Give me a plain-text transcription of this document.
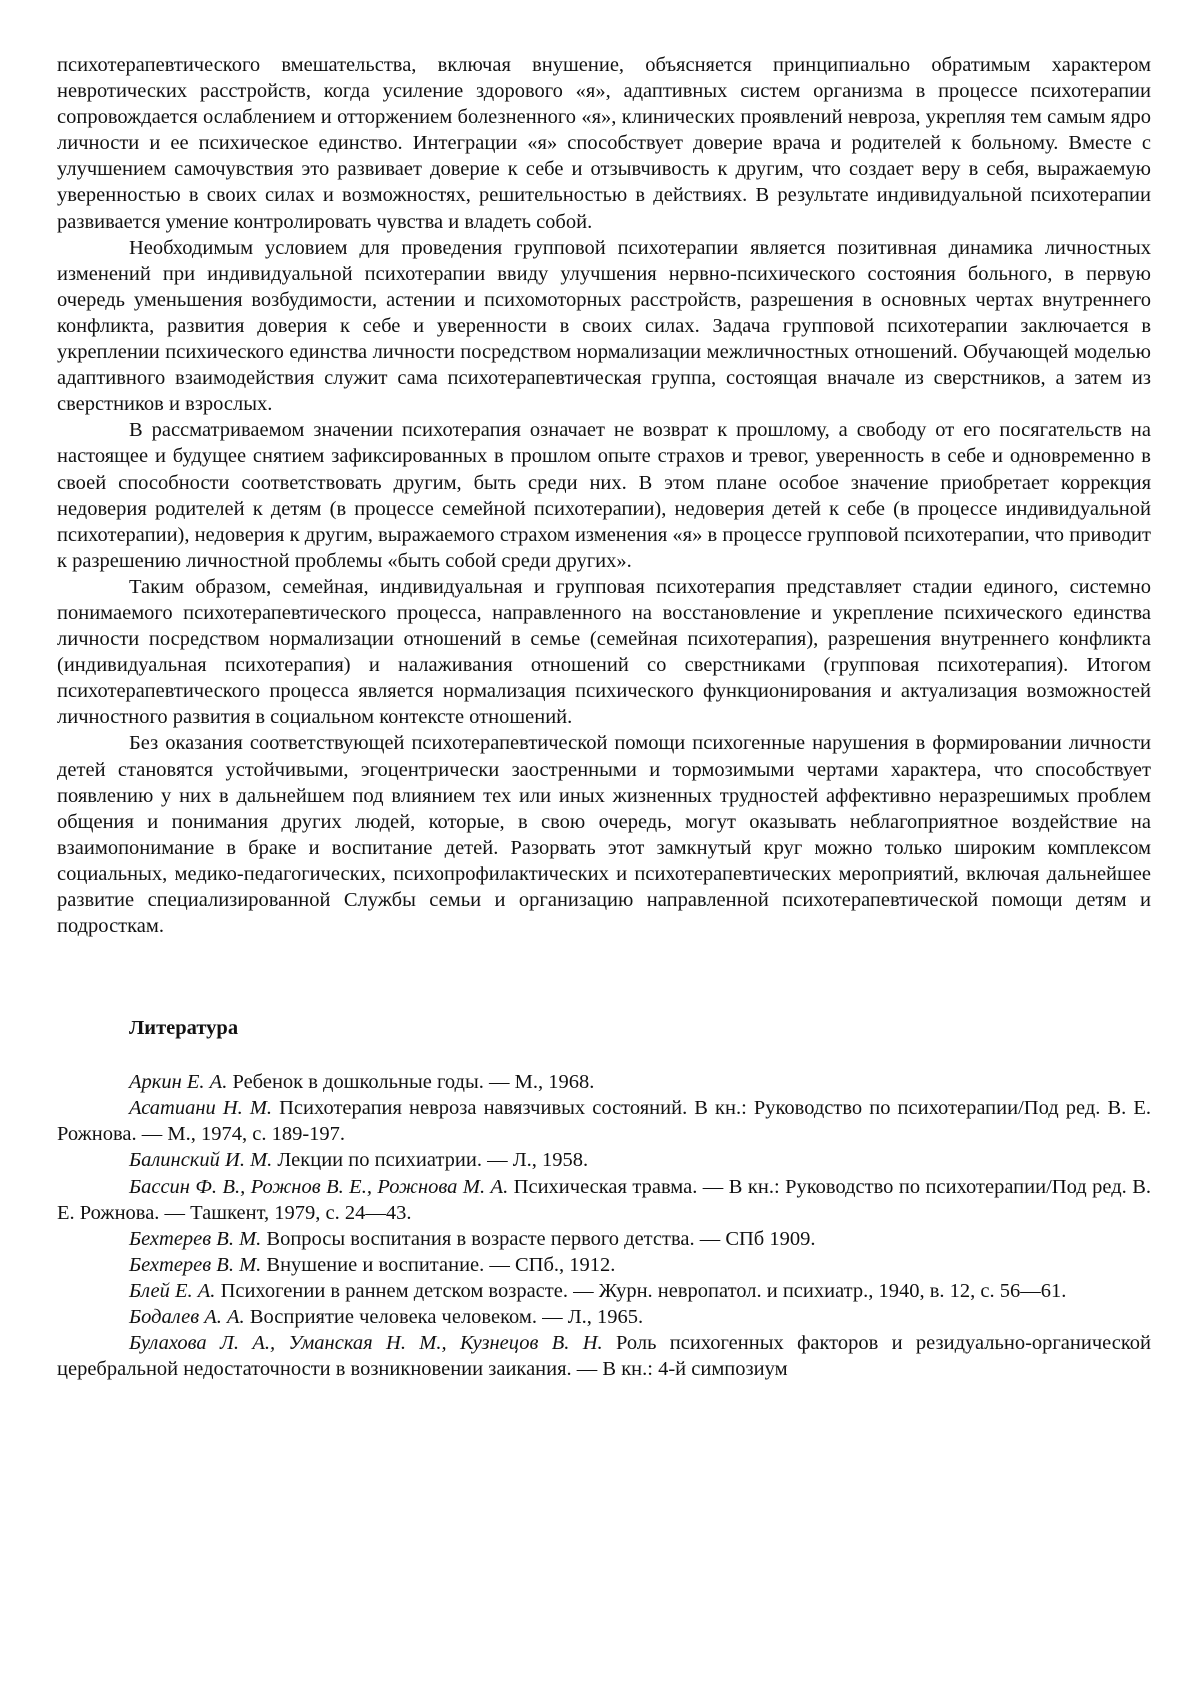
психотерапевтического вмешательства, включая внушение, объясняется принципиально обратимым характером невротических расстройств, когда усиление здорового «я», адаптивных систем организма в процессе психотерапии сопровождается ослаблением и отторжением болезненного «я», клинических проявлений невроза, укрепляя тем самым ядро личности и ее психическое единство. Интеграции «я» способствует доверие врача и родителей к больному. Вместе с улучшением самочувствия это развивает доверие к себе и отзывчивость к другим, что создает веру в себя, выражаемую уверенностью в своих силах и возможностях, решительностью в действиях. В результате индивидуальной психотерапии развивается умение контролировать чувства и владеть собой.

Необходимым условием для проведения групповой психотерапии является позитивная динамика личностных изменений при индивидуальной психотерапии ввиду улучшения нервно-психического состояния больного, в первую очередь уменьшения возбудимости, астении и психомоторных расстройств, разрешения в основных чертах внутреннего конфликта, развития доверия к себе и уверенности в своих силах. Задача групповой психотерапии заключается в укреплении психического единства личности посредством нормализации межличностных отношений. Обучающей моделью адаптивного взаимодействия служит сама психотерапевтическая группа, состоящая вначале из сверстников, а затем из сверстников и взрослых.

В рассматриваемом значении психотерапия означает не возврат к прошлому, а свободу от его посягательств на настоящее и будущее снятием зафиксированных в прошлом опыте страхов и тревог, уверенность в себе и одновременно в своей способности соответствовать другим, быть среди них. В этом плане особое значение приобретает коррекция недоверия родителей к детям (в процессе семейной психотерапии), недоверия детей к себе (в процессе индивидуальной психотерапии), недоверия к другим, выражаемого страхом изменения «я» в процессе групповой психотерапии, что приводит к разрешению личностной проблемы «быть собой среди других».

Таким образом, семейная, индивидуальная и групповая психотерапия представляет стадии единого, системно понимаемого психотерапевтического процесса, направленного на восстановление и укрепление психического единства личности посредством нормализации отношений в семье (семейная психотерапия), разрешения внутреннего конфликта (индивидуальная психотерапия) и налаживания отношений со сверстниками (групповая психотерапия). Итогом психотерапевтического процесса является нормализация психического функционирования и актуализация возможностей личностного развития в социальном контексте отношений.

Без оказания соответствующей психотерапевтической помощи психогенные нарушения в формировании личности детей становятся устойчивыми, эгоцентрически заостренными и тормозимыми чертами характера, что способствует появлению у них в дальнейшем под влиянием тех или иных жизненных трудностей аффективно неразрешимых проблем общения и понимания других людей, которые, в свою очередь, могут оказывать неблагоприятное воздействие на взаимопонимание в браке и воспитание детей. Разорвать этот замкнутый круг можно только широким комплексом социальных, медико-педагогических, психопрофилактических и психотерапевтических мероприятий, включая дальнейшее развитие специализированной Службы семьи и организацию направленной психотерапевтической помощи детям и подросткам.

Литература

Аркин Е. А. Ребенок в дошкольные годы. — М., 1968.

Асатиани Н. М. Психотерапия невроза навязчивых состояний. В кн.: Руководство по психотерапии/Под ред. В. Е. Рожнова. — М., 1974, с. 189-197.

Балинский И. М. Лекции по психиатрии. — Л., 1958.

Бассин Ф. В., Рожнов В. Е., Рожнова М. А. Психическая травма. — В кн.: Руководство по психотерапии/Под ред. В. Е. Рожнова. — Ташкент, 1979, с. 24—43.

Бехтерев В. М. Вопросы воспитания в возрасте первого детства. — СПб 1909.

Бехтерев В. М. Внушение и воспитание. — СПб., 1912.

Блей Е. А. Психогении в раннем детском возрасте. — Журн. невропатол. и психиатр., 1940, в. 12, с. 56—61.

Бодалев А. А. Восприятие человека человеком. — Л., 1965.

Булахова Л. А., Уманская Н. М., Кузнецов В. Н. Роль психогенных факторов и резидуально-органической церебральной недостаточности в возникновении заикания. — В кн.: 4-й симпозиум
